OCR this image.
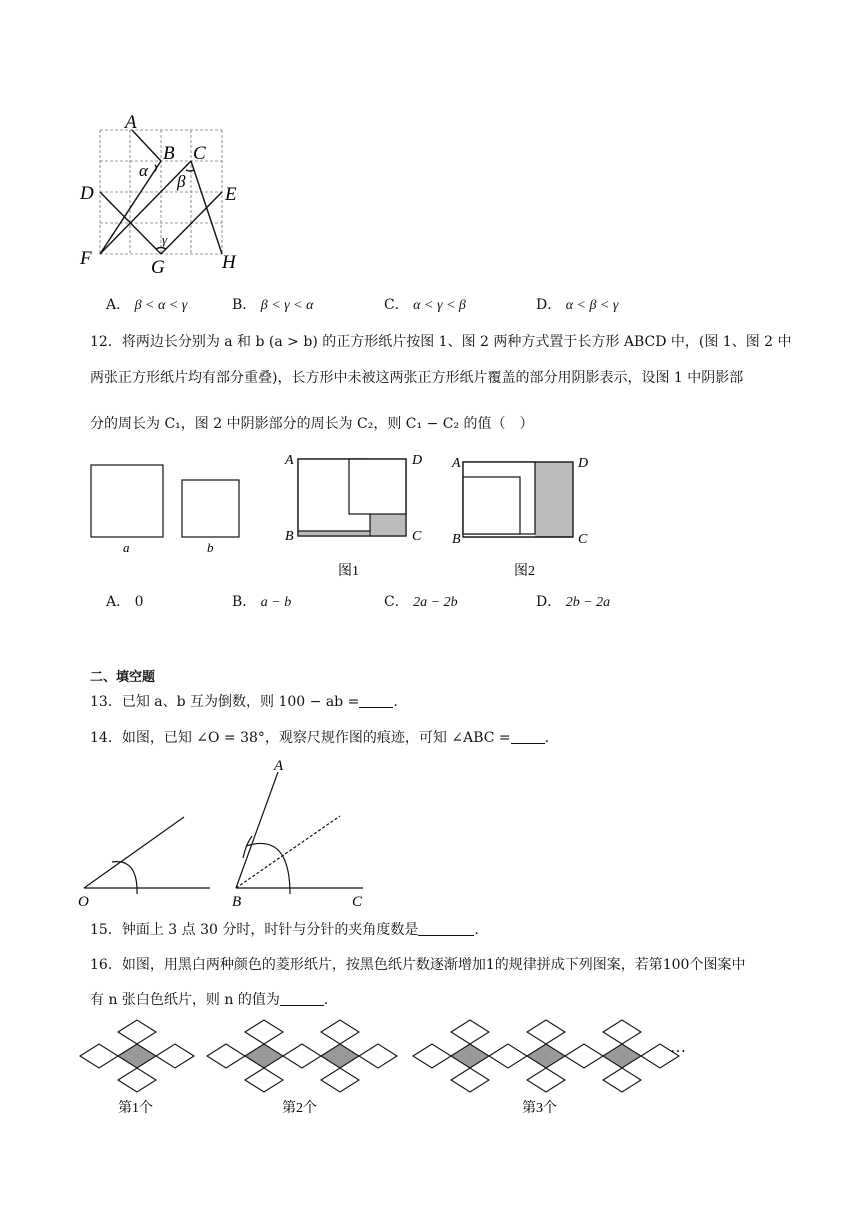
A
B C
D	E
F	G	H
α
β
γ
A． β < α < γ	B． β < γ < α	C． α < γ < β	D． α < β < γ
12．将两边长分别为 a 和 b (a > b) 的正方形纸片按图 1、图 2 两种方式置于长方形 ABCD 中，(图 1、图 2 中
两张正方形纸片均有部分重叠)，长方形中未被这两张正方形纸片覆盖的部分用阴影表示，设图 1 中阴影部
分的周长为 C₁，图 2 中阴影部分的周长为 C₂，则 C₁ − C₂ 的值（　）
a	b
A	D
B	C
图1
A	D
B	C
图2
A． 0	B． a − b	C． 2a − 2b	D． 2b − 2a
二、填空题
13．已知 a、b 互为倒数，则 100 − ab = .
14．如图，已知 ∠O = 38°，观察尺规作图的痕迹，可知 ∠ABC = .
O
A
B	C
15．钟面上 3 点 30 分时，时针与分针的夹角度数是	.
16．如图，用黑白两种颜色的菱形纸片，按黑色纸片数逐渐增加1的规律拼成下列图案，若第100个图案中
有 n 张白色纸片，则 n 的值为	.
…
第1个	第2个	第3个
